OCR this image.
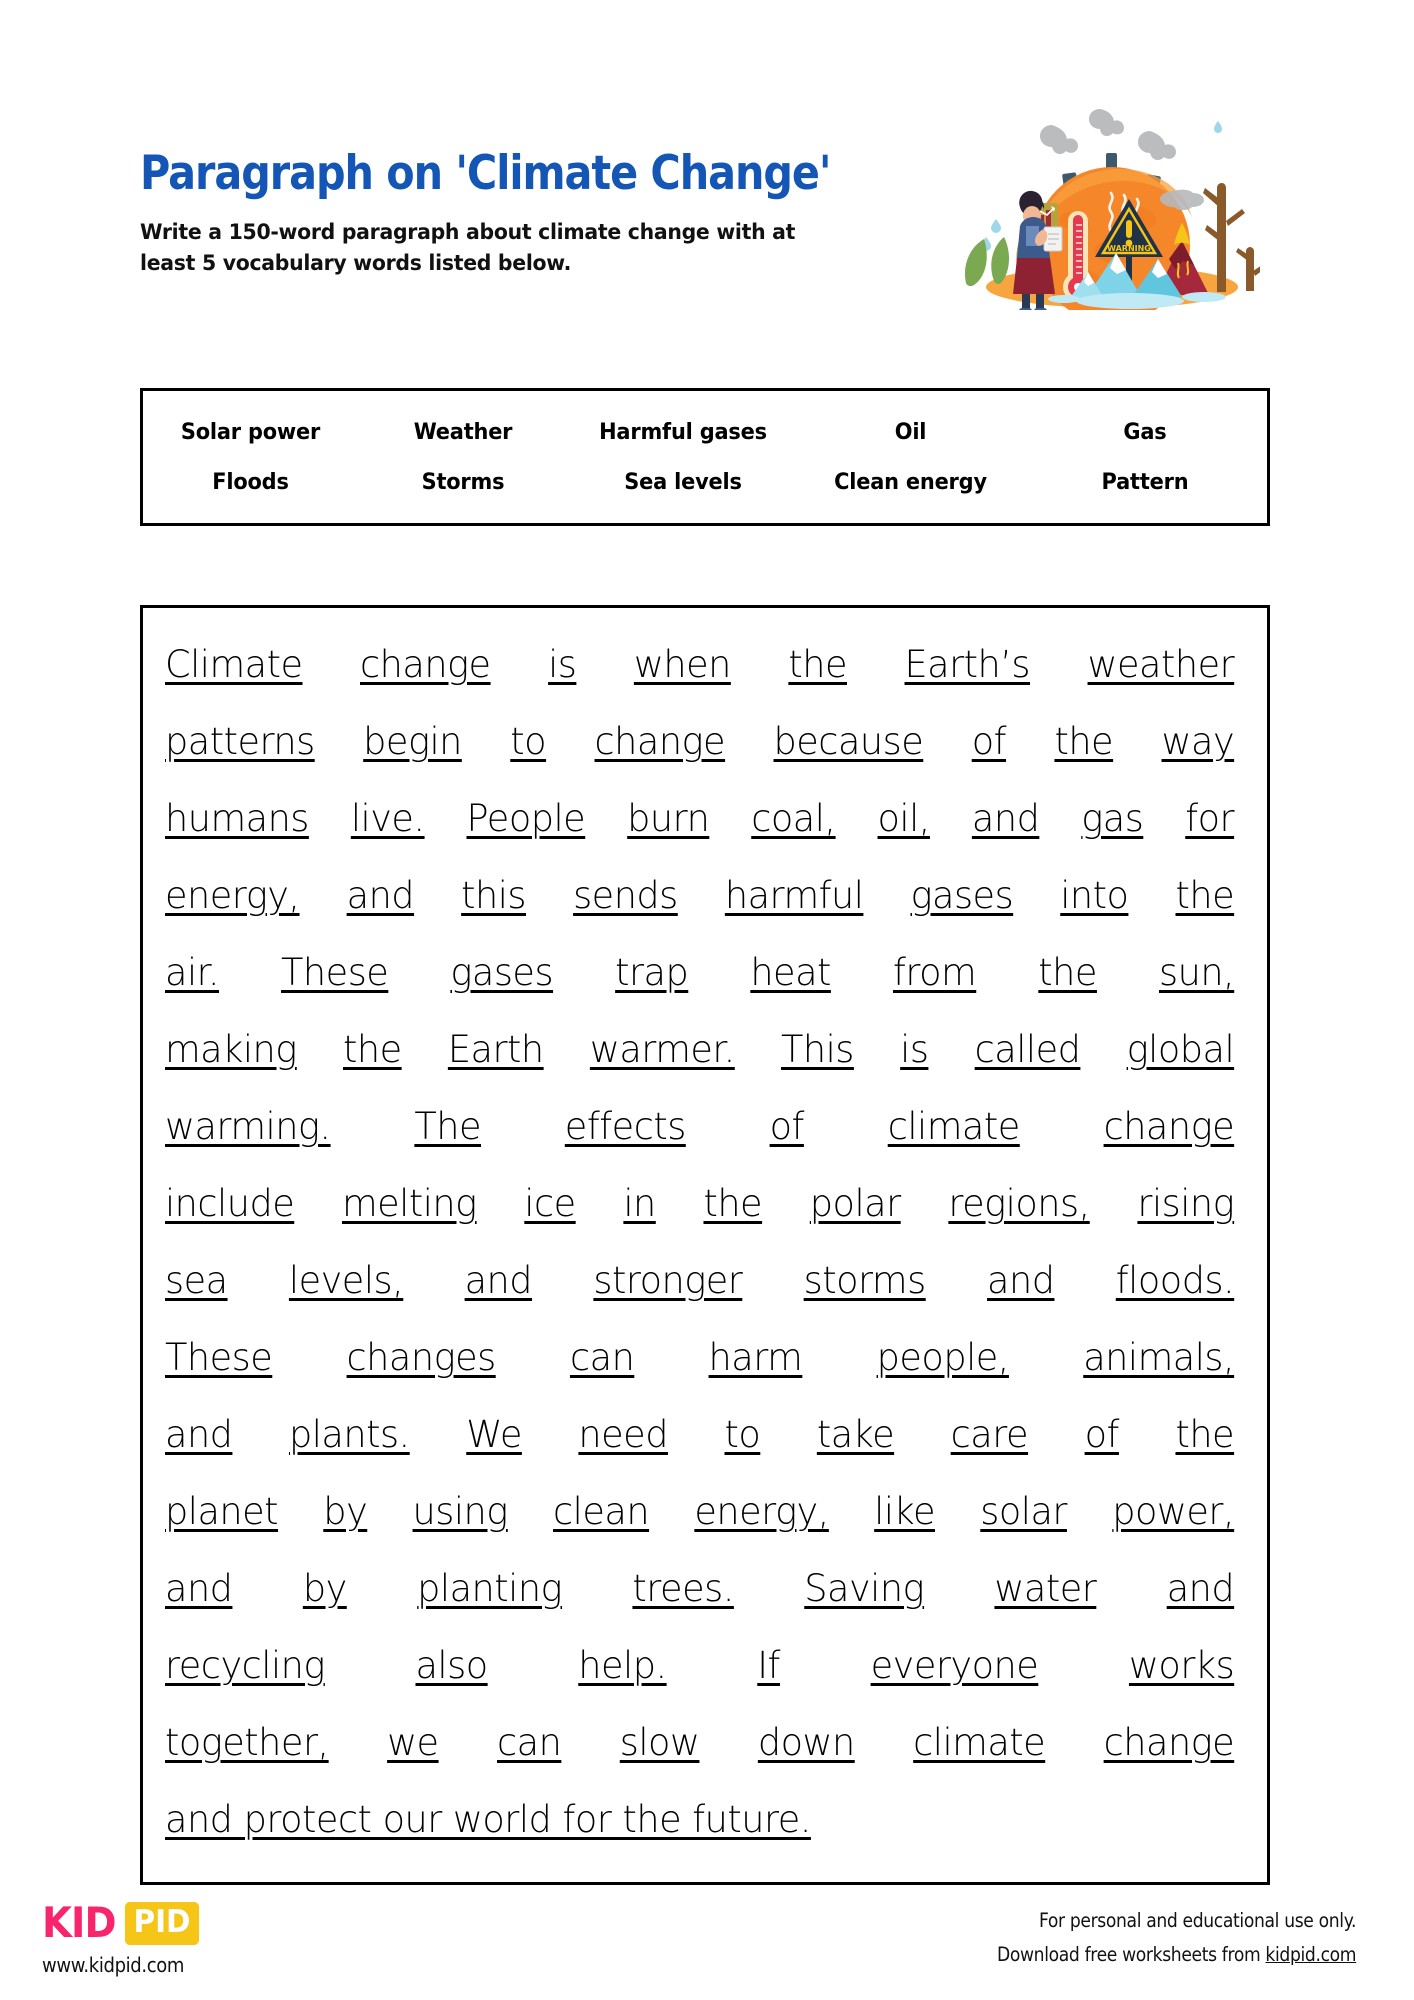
Paragraph on 'Climate Change'
Write a 150-word paragraph about climate change with at least 5 vocabulary words listed below.
WARNING
Solar power	Weather	Harmful gases	Oil	Gas
Floods	Storms	Sea levels	Clean energy	Pattern
Climate change is when the Earth’s weather
patterns begin to change because of the way
humans live. People burn coal, oil, and gas for
energy, and this sends harmful gases into the
air. These gases trap heat from the sun,
making the Earth warmer. This is called global
warming. The effects of climate change
include melting ice in the polar regions, rising
sea levels, and stronger storms and floods.
These changes can harm people, animals,
and plants. We need to take care of the
planet by using clean energy, like solar power,
and by planting trees. Saving water and
recycling also help. If everyone works
together, we can slow down climate change
and protect our world for the future.
KID PID
www.kidpid.com
For personal and educational use only.
Download free worksheets from kidpid.com
